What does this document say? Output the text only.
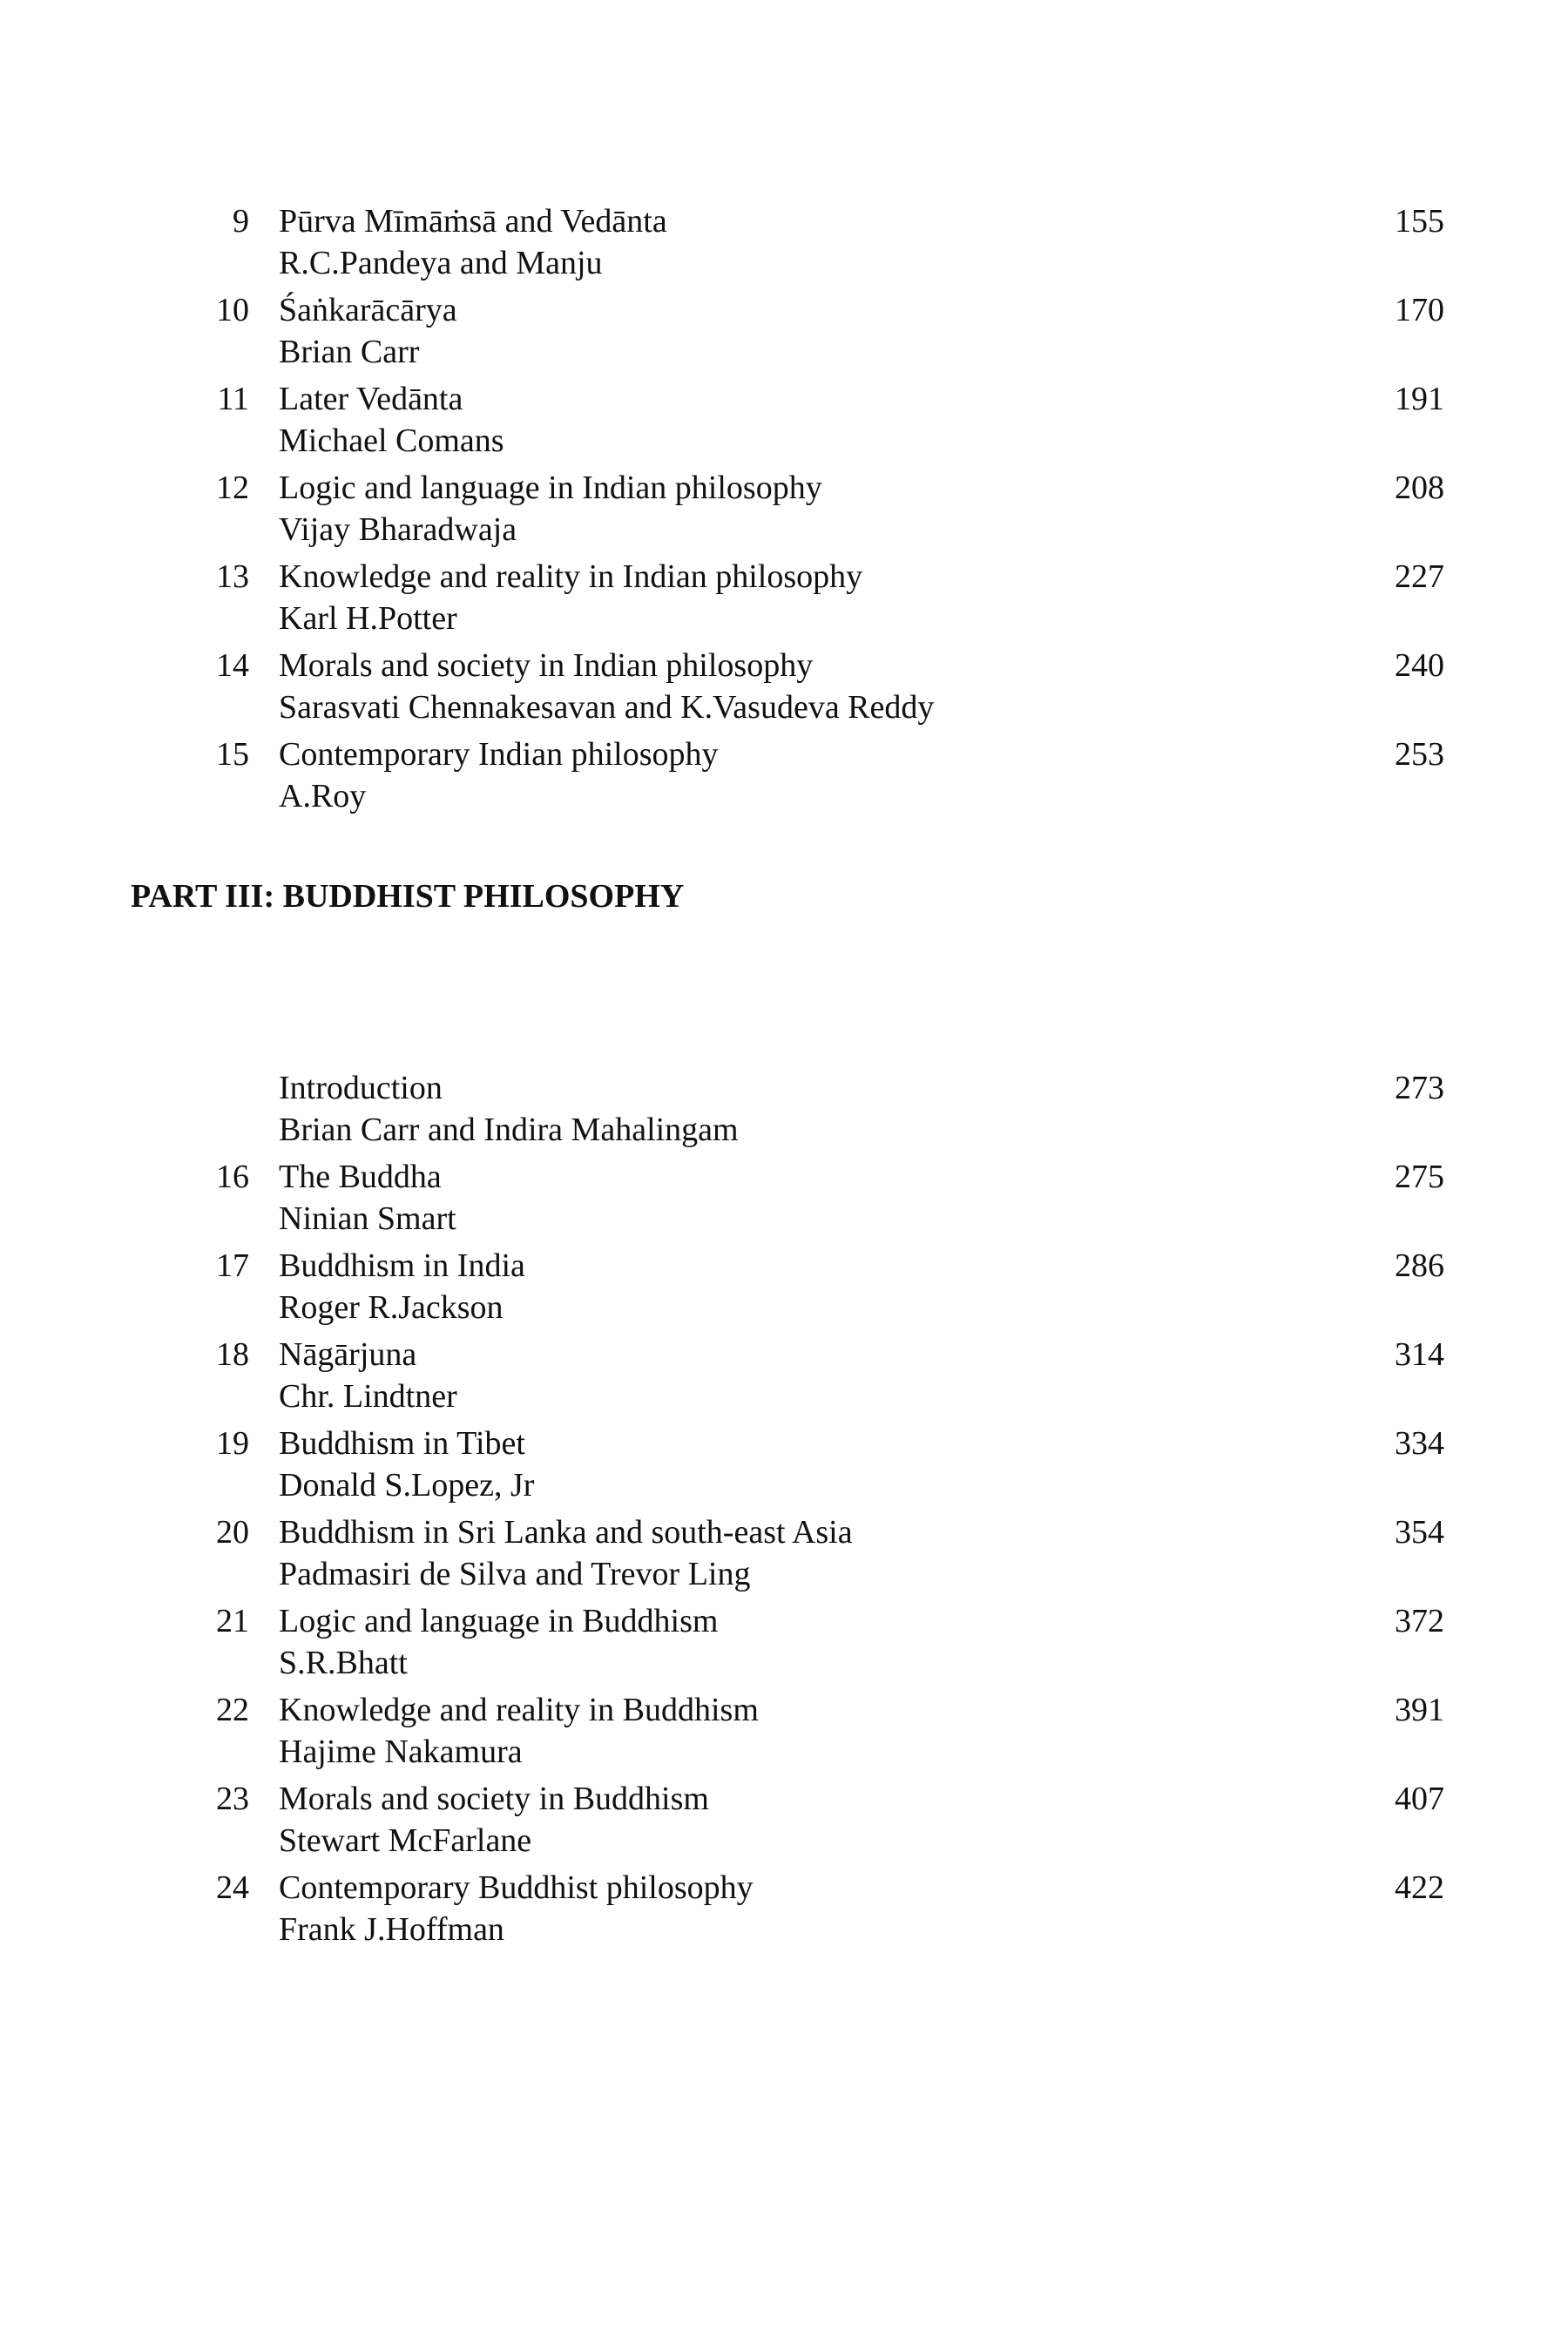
9 Pūrva Mīmāṁsā and Vedānta
R.C.Pandeya and Manju
155
10 Śaṅkarācārya
Brian Carr
170
11 Later Vedānta
Michael Comans
191
12 Logic and language in Indian philosophy
Vijay Bharadwaja
208
13 Knowledge and reality in Indian philosophy
Karl H.Potter
227
14 Morals and society in Indian philosophy
Sarasvati Chennakesavan and K.Vasudeva Reddy
240
15 Contemporary Indian philosophy
A.Roy
253
PART III: BUDDHIST PHILOSOPHY
Introduction
Brian Carr and Indira Mahalingam
273
16 The Buddha
Ninian Smart
275
17 Buddhism in India
Roger R.Jackson
286
18 Nāgārjuna
Chr. Lindtner
314
19 Buddhism in Tibet
Donald S.Lopez, Jr
334
20 Buddhism in Sri Lanka and south-east Asia
Padmasiri de Silva and Trevor Ling
354
21 Logic and language in Buddhism
S.R.Bhatt
372
22 Knowledge and reality in Buddhism
Hajime Nakamura
391
23 Morals and society in Buddhism
Stewart McFarlane
407
24 Contemporary Buddhist philosophy
Frank J.Hoffman
422
